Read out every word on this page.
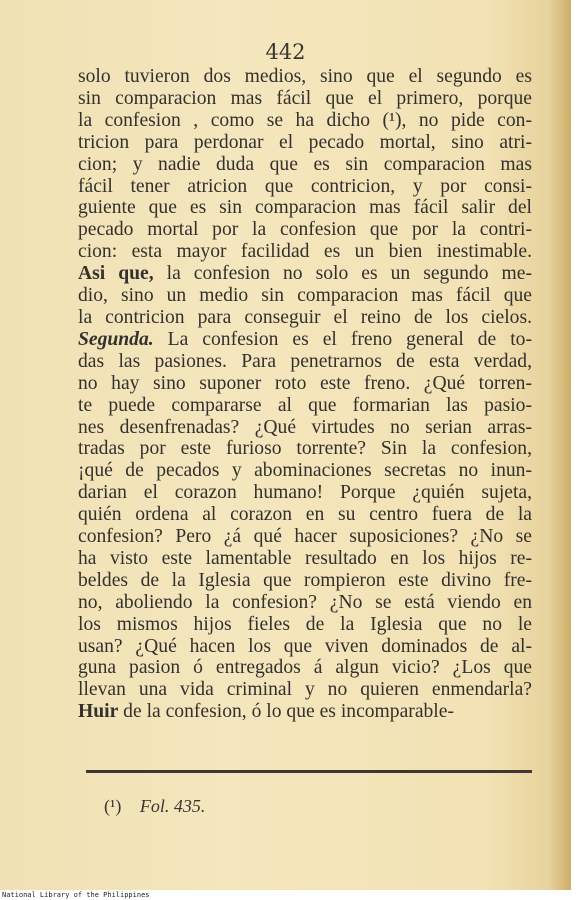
442
solo tuvieron dos medios, sino que el segundo es
sin comparacion mas fácil que el primero, porque
la confesion , como se ha dicho (¹), no pide con-
tricion para perdonar el pecado mortal, sino atri-
cion; y nadie duda que es sin comparacion mas
fácil tener atricion que contricion, y por consi-
guiente que es sin comparacion mas fácil salir del
pecado mortal por la confesion que por la contri-
cion: esta mayor facilidad es un bien inestimable.
Asi que, la confesion no solo es un segundo me-
dio, sino un medio sin comparacion mas fácil que
la contricion para conseguir el reino de los cielos.
Segunda. La confesion es el freno general de to-
das las pasiones. Para penetrarnos de esta verdad,
no hay sino suponer roto este freno. ¿Qué torren-
te puede compararse al que formarian las pasio-
nes desenfrenadas? ¿Qué virtudes no serian arras-
tradas por este furioso torrente? Sin la confesion,
¡qué de pecados y abominaciones secretas no inun-
darian el corazon humano! Porque ¿quién sujeta,
quién ordena al corazon en su centro fuera de la
confesion? Pero ¿á qué hacer suposiciones? ¿No se
ha visto este lamentable resultado en los hijos re-
beldes de la Iglesia que rompieron este divino fre-
no, aboliendo la confesion? ¿No se está viendo en
los mismos hijos fieles de la Iglesia que no le
usan? ¿Qué hacen los que viven dominados de al-
guna pasion ó entregados á algun vicio? ¿Los que
llevan una vida criminal y no quieren enmendarla?
Huir de la confesion, ó lo que es incomparable-
(¹) Fol. 435.
National Library of the Philippines
